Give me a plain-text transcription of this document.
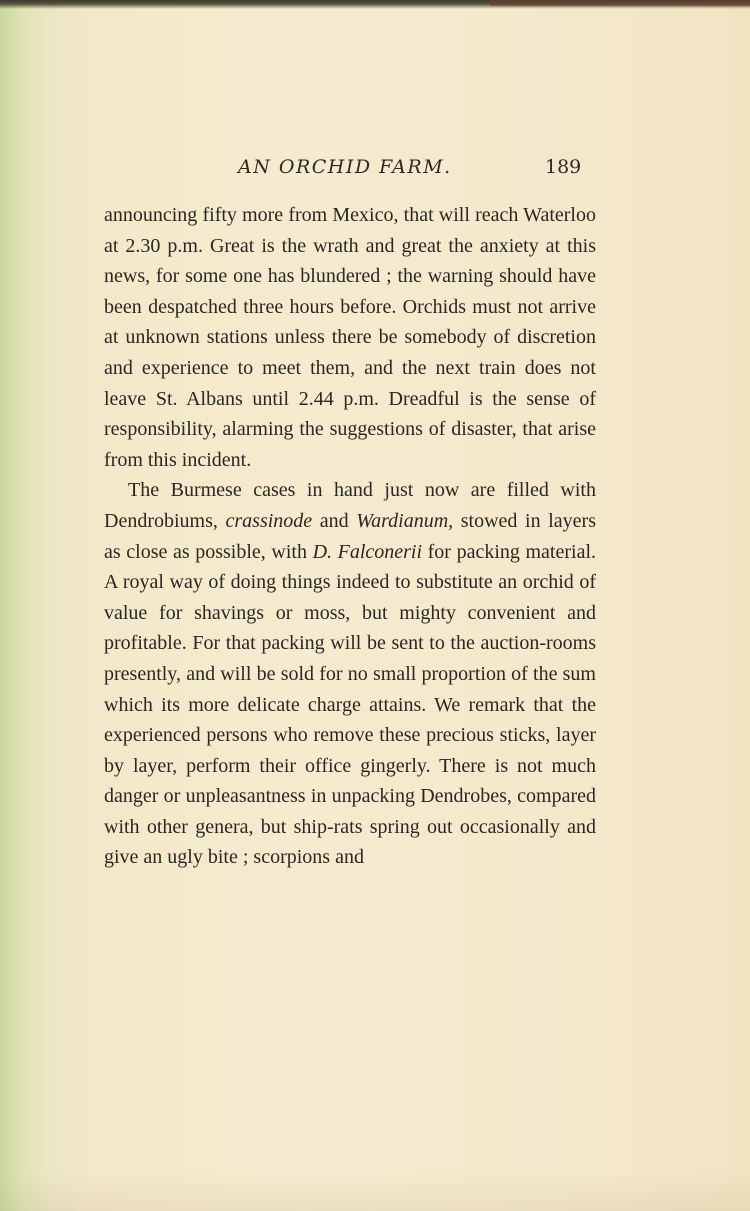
AN ORCHID FARM.	189

announcing fifty more from Mexico, that will reach Waterloo at 2.30 p.m. Great is the wrath and great the anxiety at this news, for some one has blundered ; the warning should have been despatched three hours before. Orchids must not arrive at unknown stations unless there be somebody of discretion and experience to meet them, and the next train does not leave St. Albans until 2.44 p.m. Dreadful is the sense of responsibility, alarming the suggestions of disaster, that arise from this incident.

The Burmese cases in hand just now are filled with Dendrobiums, crassinode and Wardianum, stowed in layers as close as possible, with D. Falconerii for packing material. A royal way of doing things indeed to substitute an orchid of value for shavings or moss, but mighty convenient and profitable. For that packing will be sent to the auction-rooms presently, and will be sold for no small proportion of the sum which its more delicate charge attains. We remark that the experienced persons who remove these precious sticks, layer by layer, perform their office gingerly. There is not much danger or unpleasantness in unpacking Dendrobes, compared with other genera, but ship-rats spring out occasionally and give an ugly bite ; scorpions and
